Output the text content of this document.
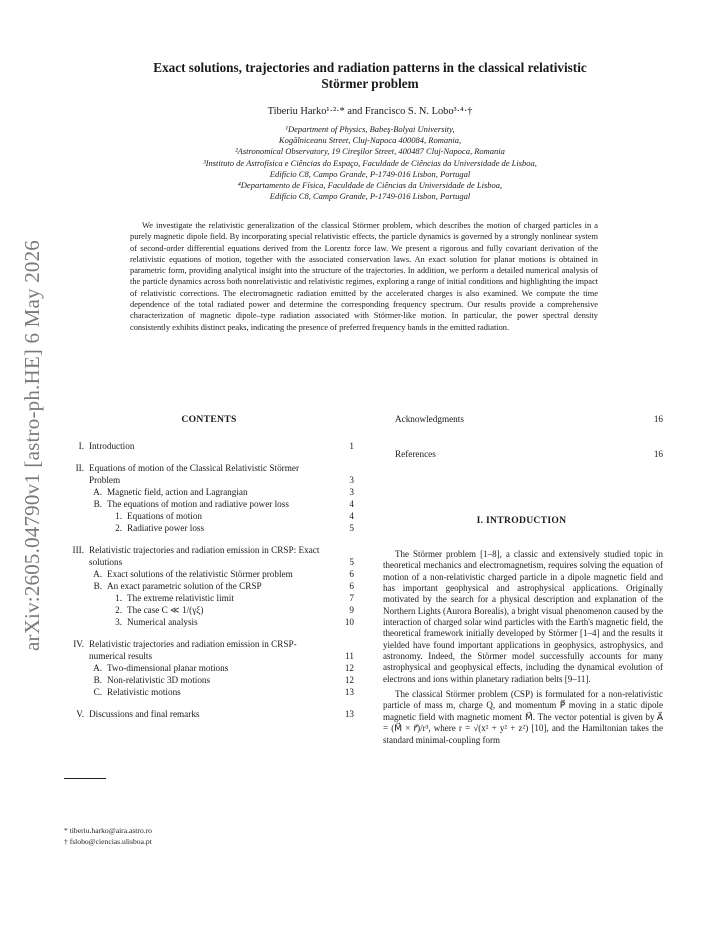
arXiv:2605.04790v1 [astro-ph.HE] 6 May 2026
Exact solutions, trajectories and radiation patterns in the classical relativistic
Störmer problem
Tiberiu Harko¹·²·* and Francisco S. N. Lobo³·⁴·†
¹Department of Physics, Babeş-Bolyai University,
Kogălniceanu Street, Cluj-Napoca 400084, Romania,
²Astronomical Observatory, 19 Cireşilor Street, 400487 Cluj-Napoca, Romania
³Instituto de Astrofísica e Ciências do Espaço, Faculdade de Ciências da Universidade de Lisboa,
Edifício C8, Campo Grande, P-1749-016 Lisbon, Portugal
⁴Departamento de Física, Faculdade de Ciências da Universidade de Lisboa,
Edifício C8, Campo Grande, P-1749-016 Lisbon, Portugal

We investigate the relativistic generalization of the classical Störmer problem, which describes the motion of charged particles in a purely magnetic dipole field. By incorporating special relativistic effects, the particle dynamics is governed by a strongly nonlinear system of second-order differential equations derived from the Lorentz force law. We present a rigorous and fully covariant derivation of the relativistic equations of motion, together with the associated conservation laws. An exact solution for planar motions is obtained in parametric form, providing analytical insight into the structure of the trajectories. In addition, we perform a detailed numerical analysis of the particle dynamics across both nonrelativistic and relativistic regimes, exploring a range of initial conditions and highlighting the impact of relativistic corrections. The electromagnetic radiation emitted by the accelerated charges is also examined. We compute the time dependence of the total radiated power and determine the corresponding frequency spectrum. Our results provide a comprehensive characterization of magnetic dipole–type radiation associated with Störmer-like motion. In particular, the power spectral density consistently exhibits distinct peaks, indicating the presence of preferred frequency bands in the emitted radiation.

CONTENTS
I. Introduction	1
II. Equations of motion of the Classical Relativistic Störmer Problem	3
A. Magnetic field, action and Lagrangian	3
B. The equations of motion and radiative power loss	4
1. Equations of motion	4
2. Radiative power loss	5
III. Relativistic trajectories and radiation emission in CRSP: Exact solutions	5
A. Exact solutions of the relativistic Störmer problem	6
B. An exact parametric solution of the CRSP	6
1. The extreme relativistic limit	7
2. The case C ≪ 1/(γξ)	9
3. Numerical analysis	10
IV. Relativistic trajectories and radiation emission in CRSP-numerical results	11
A. Two-dimensional planar motions	12
B. Non-relativistic 3D motions	12
C. Relativistic motions	13
V. Discussions and final remarks	13
* tiberiu.harko@aira.astro.ro
† fslobo@ciencias.ulisboa.pt
Acknowledgments	16
References	16
I. INTRODUCTION

The Störmer problem [1–8], a classic and extensively studied topic in theoretical mechanics and electromagnetism, requires solving the equation of motion of a non-relativistic charged particle in a dipole magnetic field and has important geophysical and astrophysical applications. Originally motivated by the search for a physical description and explanation of the Northern Lights (Aurora Borealis), a bright visual phenomenon caused by the interaction of charged solar wind particles with the Earth's magnetic field, the theoretical framework initially developed by Störmer [1–4] and the results it yielded have found important applications in geophysics, astrophysics, and astronomy. Indeed, the Störmer model successfully accounts for many astrophysical and geophysical effects, including the dynamical evolution of electrons and ions within planetary radiation belts [9–11].

The classical Störmer problem (CSP) is formulated for a non-relativistic particle of mass m, charge Q, and momentum P⃗ moving in a static dipole magnetic field with magnetic moment M⃗. The vector potential is given by A⃗ = (M⃗ × r⃗)/r³, where r = √(x² + y² + z²) [10], and the Hamiltonian takes the standard minimal-coupling form
